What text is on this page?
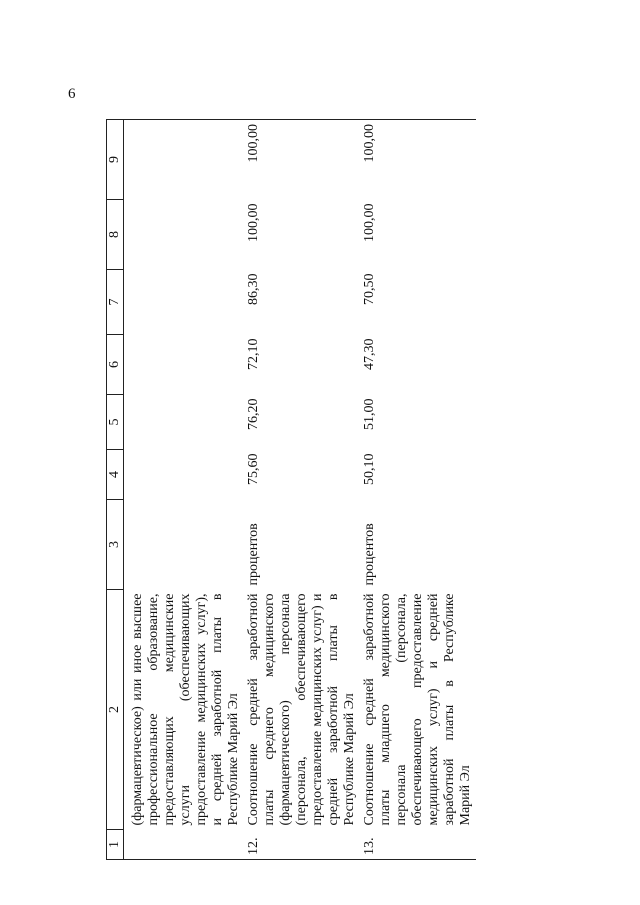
6
1	2	3	4	5	6	7	8	9
	(фармацевтическое) или иное высшее профессиональное образование, предоставляющих медицинские услуги (обеспечивающих предоставление медицинских услуг), и средней заработной платы в Республике Марий Эл							
12.	Соотношение средней заработной платы среднего медицинского (фармацевтического) персонала (персонала, обеспечивающего предоставление медицинских услуг) и средней заработной платы в Республике Марий Эл	процентов	75,60	76,20	72,10	86,30	100,00	100,00
13.	Соотношение средней заработной платы младшего медицинского персонала (персонала, обеспечивающего предоставление медицинских услуг) и средней заработной платы в Республике Марий Эл	процентов	50,10	51,00	47,30	70,50	100,00	100,00
